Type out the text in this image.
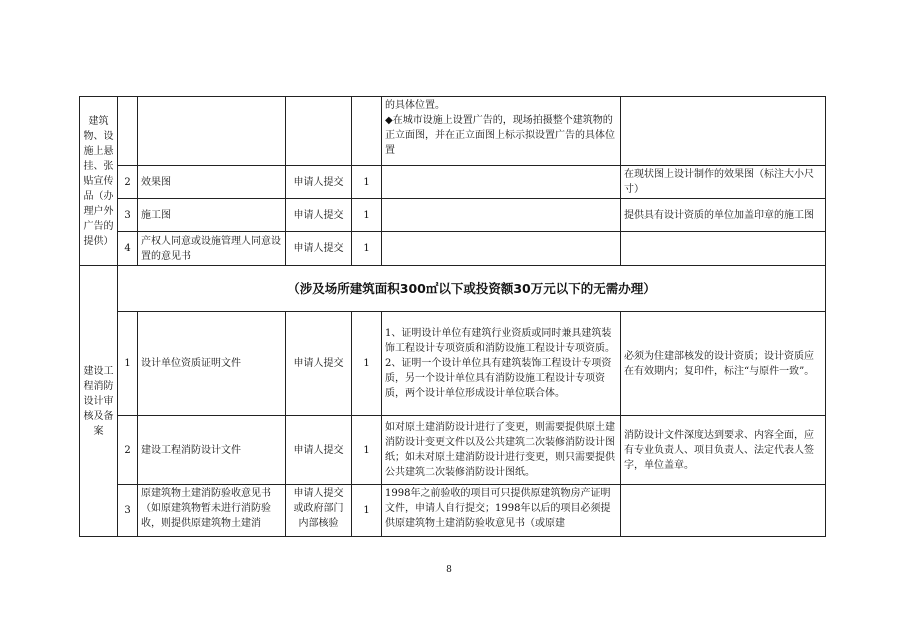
建筑物、设施上悬挂、张贴宣传品（办理户外广告的提供）					的具体位置。
◆在城市设施上设置广告的，现场拍摄整个建筑物的正立面图，并在正立面图上标示拟设置广告的具体位置	

	2	效果图	申请人提交	1		在现状图上设计制作的效果图（标注大小尺寸）
	3	施工图	申请人提交	1		提供具有设计资质的单位加盖印章的施工图
	4	产权人同意或设施管理人同意设置的意见书	申请人提交	1		
建设工程消防设计审核及备案	（涉及场所建筑面积300㎡以下或投资额30万元以下的无需办理）					
	1	设计单位资质证明文件	申请人提交	1	1、证明设计单位有建筑行业资质或同时兼具建筑装饰工程设计专项资质和消防设施工程设计专项资质。
2、证明一个设计单位具有建筑装饰工程设计专项资质，另一个设计单位具有消防设施工程设计专项资质，两个设计单位形成设计单位联合体。	必须为住建部核发的设计资质；设计资质应在有效期内；复印件，标注“与原件一致”。
	2	建设工程消防设计文件	申请人提交	1	如对原土建消防设计进行了变更，则需要提供原土建消防设计变更文件以及公共建筑二次装修消防设计图纸；如未对原土建消防设计进行变更，则只需要提供公共建筑二次装修消防设计图纸。	消防设计文件深度达到要求、内容全面，应有专业负责人、项目负责人、法定代表人签字，单位盖章。
	3	原建筑物土建消防验收意见书（如原建筑物暂未进行消防验收，则提供原建筑物土建消	申请人提交或政府部门内部核验	1	1998年之前验收的项目可只提供原建筑物房产证明文件，申请人自行提交；1998年以后的项目必须提供原建筑物土建消防验收意见书（或原建	

8
